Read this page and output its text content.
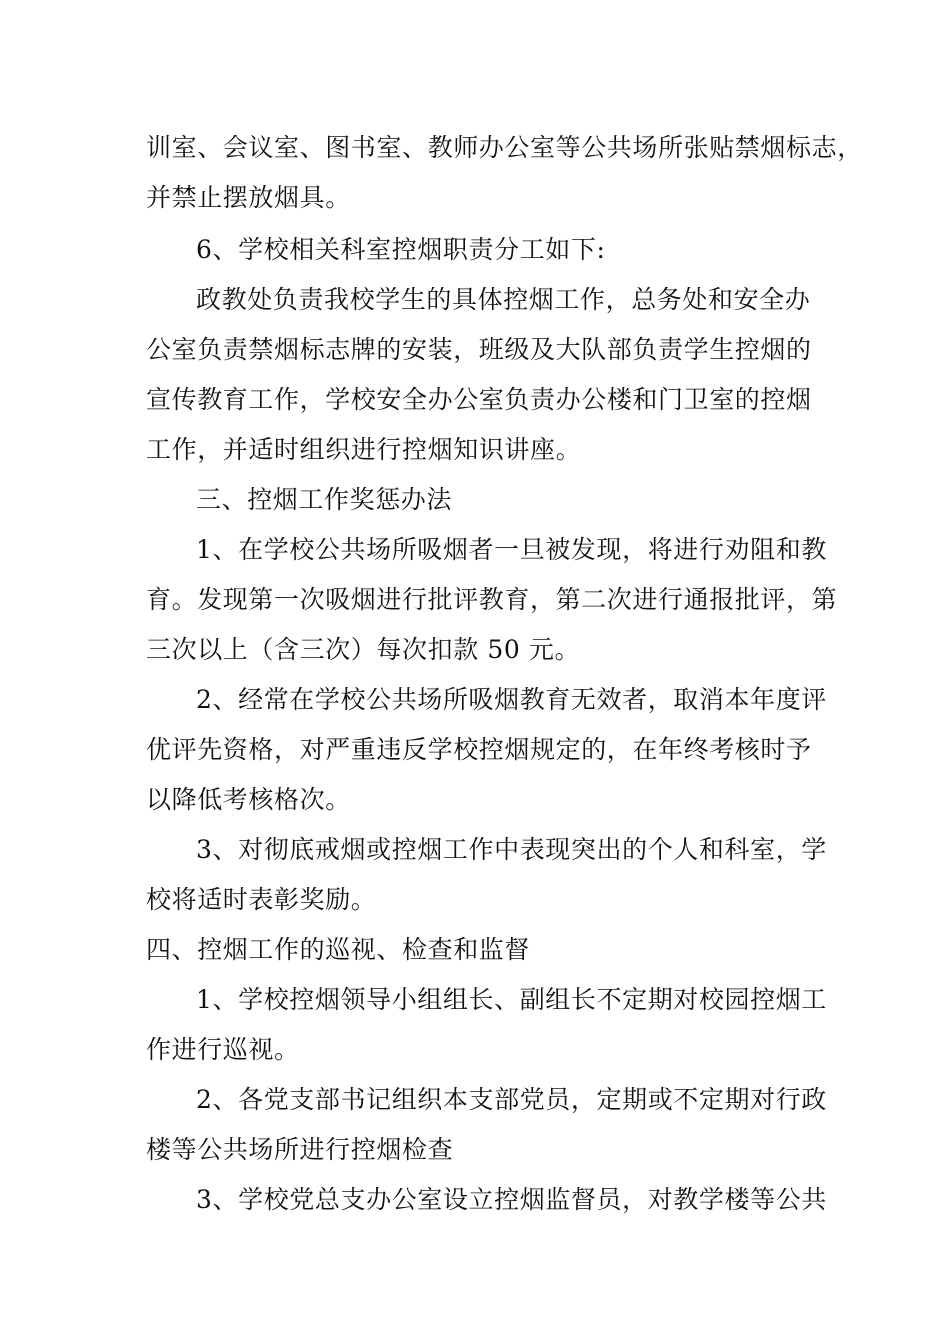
训室、会议室、图书室、教师办公室等公共场所张贴禁烟标志，
并禁止摆放烟具。
6、学校相关科室控烟职责分工如下:
政教处负责我校学生的具体控烟工作，总务处和安全办
公室负责禁烟标志牌的安装，班级及大队部负责学生控烟的
宣传教育工作，学校安全办公室负责办公楼和门卫室的控烟
工作，并适时组织进行控烟知识讲座。
三、控烟工作奖惩办法
1、在学校公共场所吸烟者一旦被发现，将进行劝阻和教
育。发现第一次吸烟进行批评教育，第二次进行通报批评，第
三次以上（含三次）每次扣款 50 元。
2、经常在学校公共场所吸烟教育无效者，取消本年度评
优评先资格，对严重违反学校控烟规定的，在年终考核时予
以降低考核格次。
3、对彻底戒烟或控烟工作中表现突出的个人和科室，学
校将适时表彰奖励。
四、控烟工作的巡视、检查和监督
1、学校控烟领导小组组长、副组长不定期对校园控烟工
作进行巡视。
2、各党支部书记组织本支部党员，定期或不定期对行政
楼等公共场所进行控烟检查
3、学校党总支办公室设立控烟监督员，对教学楼等公共
